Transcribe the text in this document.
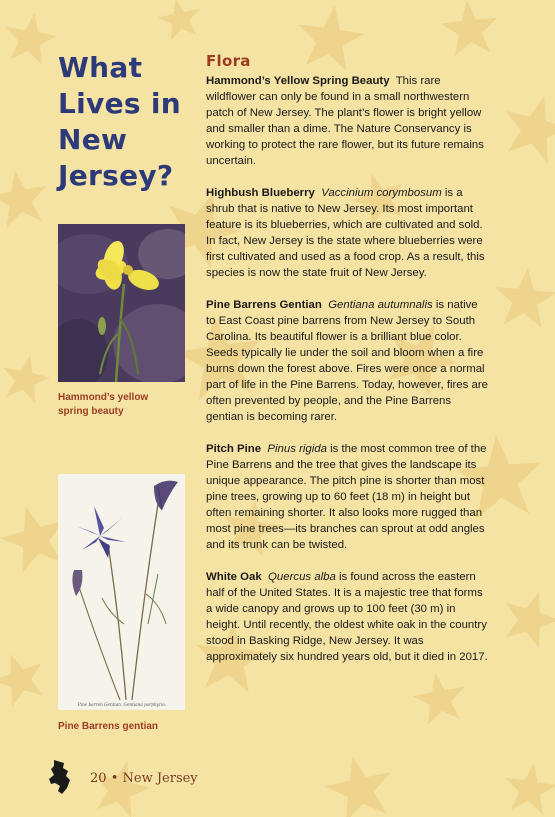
What Lives in New Jersey?

Hammond’s yellow spring beauty

Pine barren Gentian. Gentiana porphyrio.

Pine Barrens gentian

Flora

Hammond’s Yellow Spring Beauty This rare wildflower can only be found in a small northwestern patch of New Jersey. The plant’s flower is bright yellow and smaller than a dime. The Nature Conservancy is working to protect the rare flower, but its future remains uncertain.

Highbush Blueberry Vaccinium corymbosum is a shrub that is native to New Jersey. Its most important feature is its blueberries, which are cultivated and sold. In fact, New Jersey is the state where blueberries were first cultivated and used as a food crop. As a result, this species is now the state fruit of New Jersey.

Pine Barrens Gentian Gentiana autumnalis is native to East Coast pine barrens from New Jersey to South Carolina. Its beautiful flower is a brilliant blue color. Seeds typically lie under the soil and bloom when a fire burns down the forest above. Fires were once a normal part of life in the Pine Barrens. Today, however, fires are often prevented by people, and the Pine Barrens gentian is becoming rarer.

Pitch Pine Pinus rigida is the most common tree of the Pine Barrens and the tree that gives the landscape its unique appearance. The pitch pine is shorter than most pine trees, growing up to 60 feet (18 m) in height but often remaining shorter. It also looks more rugged than most pine trees—its branches can sprout at odd angles and its trunk can be twisted.

White Oak Quercus alba is found across the eastern half of the United States. It is a majestic tree that forms a wide canopy and grows up to 100 feet (30 m) in height. Until recently, the oldest white oak in the country stood in Basking Ridge, New Jersey. It was approximately six hundred years old, but it died in 2017.

20 • New Jersey
